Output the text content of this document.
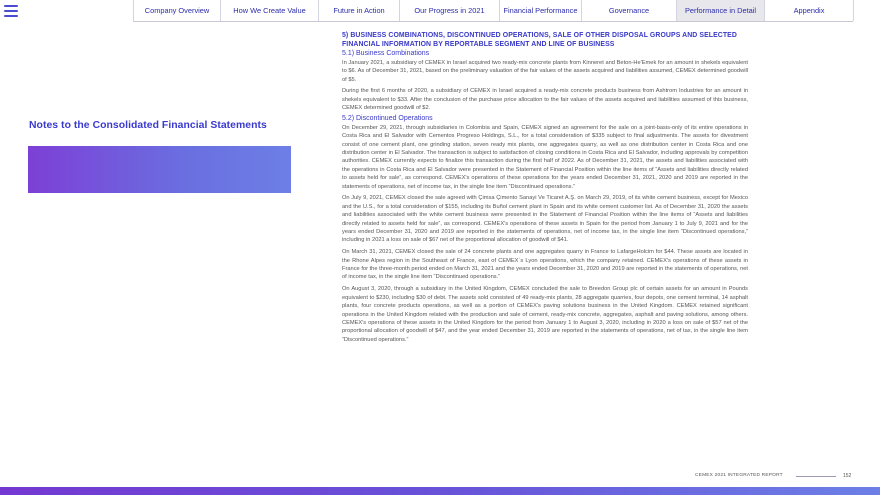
Company Overview	How We Create Value	Future in Action	Our Progress in 2021	Financial Performance	Governance	Performance in Detail	Appendix
Notes to the Consolidated Financial Statements
5) BUSINESS COMBINATIONS, DISCONTINUED OPERATIONS, SALE OF OTHER DISPOSAL GROUPS AND SELECTED FINANCIAL INFORMATION BY REPORTABLE SEGMENT AND LINE OF BUSINESS
5.1) Business Combinations

In January 2021, a subsidiary of CEMEX in Israel acquired two ready-mix concrete plants from Kinneret and Beton-He'Emek for an amount in shekels equivalent to $6. As of December 31, 2021, based on the preliminary valuation of the fair values of the assets acquired and liabilities assumed, CEMEX determined goodwill of $5.

During the first 6 months of 2020, a subsidiary of CEMEX in Israel acquired a ready-mix concrete products business from Ashtrom Industries for an amount in shekels equivalent to $33. After the conclusion of the purchase price allocation to the fair values of the assets acquired and liabilities assumed of this business, CEMEX determined goodwill of $2.

5.2) Discontinued Operations

On December 29, 2021, through subsidiaries in Colombia and Spain, CEMEX signed an agreement for the sale on a joint-basis-only of its entire operations in Costa Rica and El Salvador with Cementos Progreso Holdings, S.L., for a total consideration of $335 subject to final adjustments. The assets for divestment consist of one cement plant, one grinding station, seven ready mix plants, one aggregates quarry, as well as one distribution center in Costa Rica and one distribution center in El Salvador. The transaction is subject to satisfaction of closing conditions in Costa Rica and El Salvador, including approvals by competition authorities. CEMEX currently expects to finalize this transaction during the first half of 2022. As of December 31, 2021, the assets and liabilities associated with the operations in Costa Rica and El Salvador were presented in the Statement of Financial Position within the line items of “Assets and liabilities directly related to assets held for sale”, as correspond. CEMEX's operations of these operations for the years ended December 31, 2021, 2020 and 2019 are reported in the statements of operations, net of income tax, in the single line item “Discontinued operations.”

On July 9, 2021, CEMEX closed the sale agreed with Çimsa Çimento Sanayi Ve Ticaret A.Ş. on March 29, 2019, of its white cement business, except for Mexico and the U.S., for a total consideration of $155, including its Buñol cement plant in Spain and its white cement customer list. As of December 31, 2020 the assets and liabilities associated with the white cement business were presented in the Statement of Financial Position within the line items of “Assets and liabilities directly related to assets held for sale”, as correspond. CEMEX's operations of these assets in Spain for the period from January 1 to July 9, 2021 and for the years ended December 31, 2020 and 2019 are reported in the statements of operations, net of income tax, in the single line item “Discontinued operations,” including in 2021 a loss on sale of $67 net of the proportional allocation of goodwill of $41.

On March 31, 2021, CEMEX closed the sale of 24 concrete plants and one aggregates quarry in France to LafargeHolcim for $44. These assets are located in the Rhone Alpes region in the Southeast of France, east of CEMEX´s Lyon operations, which the company retained. CEMEX's operations of these assets in France for the three-month period ended on March 31, 2021 and the years ended December 31, 2020 and 2019 are reported in the statements of operations, net of income tax, in the single line item “Discontinued operations.”

On August 3, 2020, through a subsidiary in the United Kingdom, CEMEX concluded the sale to Breedon Group plc of certain assets for an amount in Pounds equivalent to $230, including $30 of debt. The assets sold consisted of 49 ready-mix plants, 28 aggregate quarries, four depots, one cement terminal, 14 asphalt plants, four concrete products operations, as well as a portion of CEMEX's paving solutions business in the United Kingdom. CEMEX retained significant operations in the United Kingdom related with the production and sale of cement, ready-mix concrete, aggregates, asphalt and paving solutions, among others. CEMEX's operations of these assets in the United Kingdom for the period from January 1 to August 3, 2020, including in 2020 a loss on sale of $57 net of the proportional allocation of goodwill of $47, and the year ended December 31, 2019 are reported in the statements of operations, net of tax, in the single line item “Discontinued operations.”

CEMEX 2021 INTEGRATED REPORT	152
